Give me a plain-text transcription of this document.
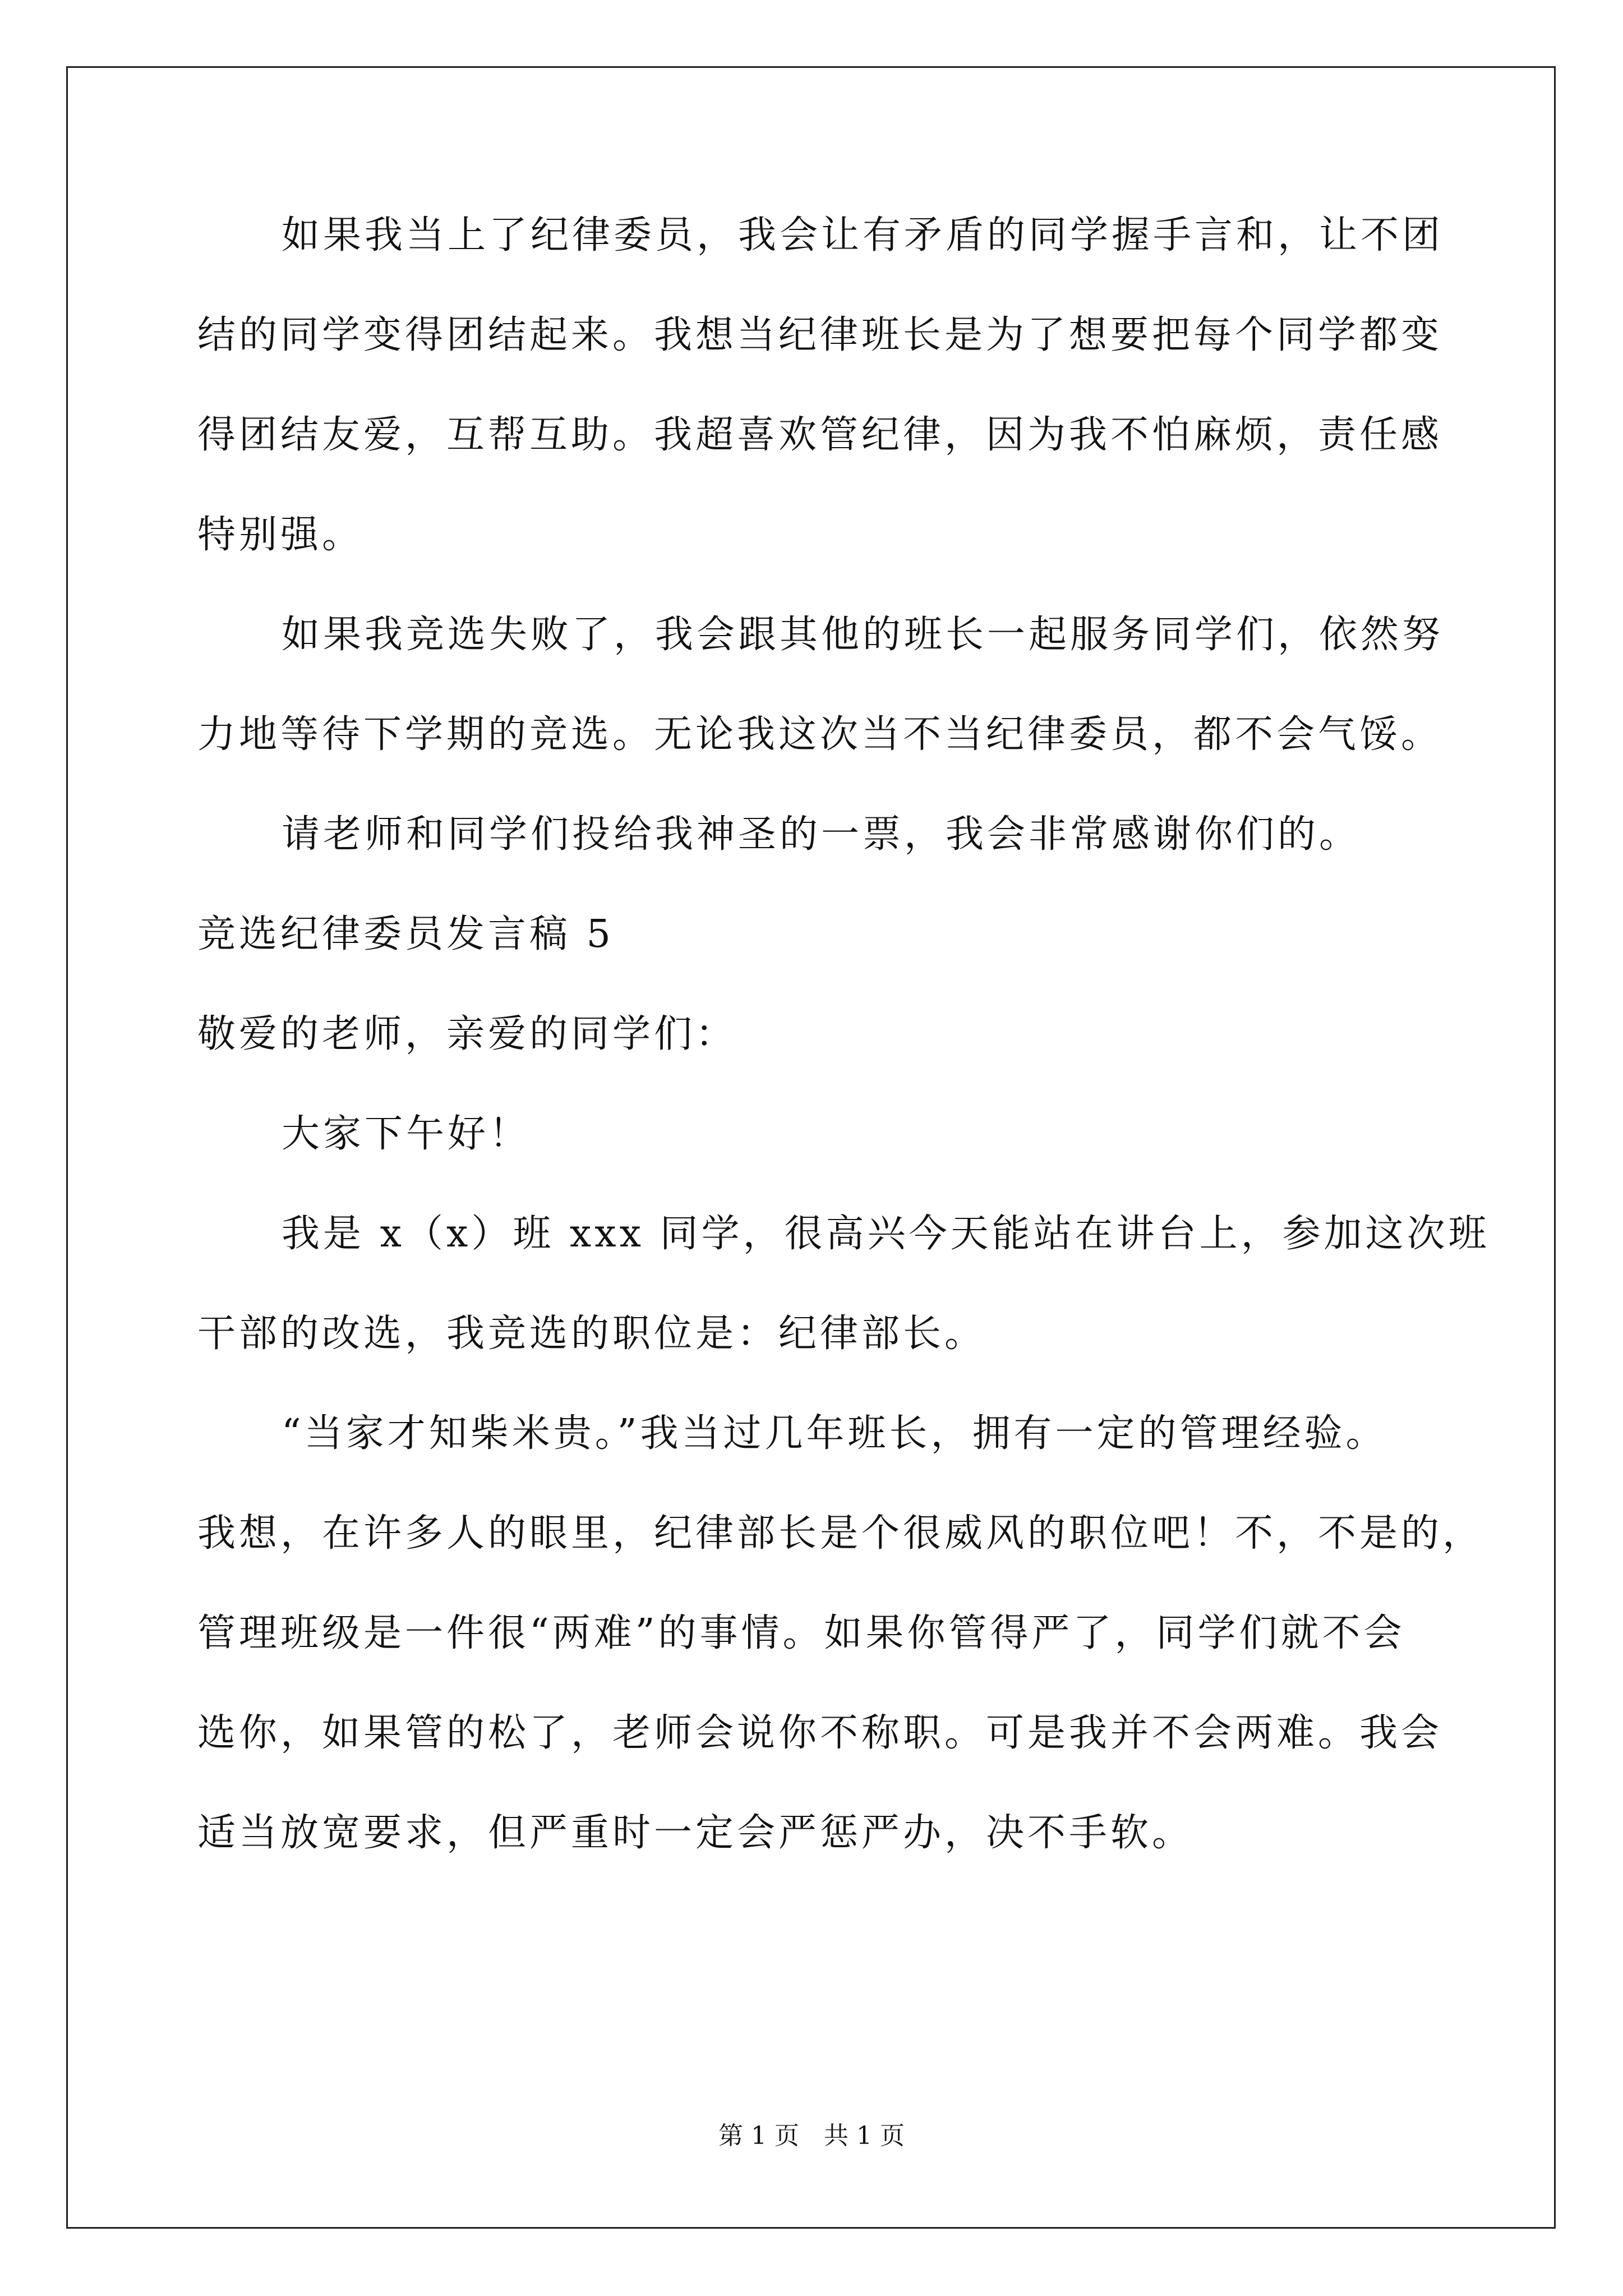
如果我当上了纪律委员，我会让有矛盾的同学握手言和，让不团
结的同学变得团结起来。我想当纪律班长是为了想要把每个同学都变
得团结友爱，互帮互助。我超喜欢管纪律，因为我不怕麻烦，责任感
特别强。
如果我竞选失败了，我会跟其他的班长一起服务同学们，依然努
力地等待下学期的竞选。无论我这次当不当纪律委员，都不会气馁。
请老师和同学们投给我神圣的一票，我会非常感谢你们的。
竞选纪律委员发言稿 5
敬爱的老师，亲爱的同学们：
大家下午好！
我是 x（x）班 xxx 同学，很高兴今天能站在讲台上，参加这次班
干部的改选，我竞选的职位是：纪律部长。
“当家才知柴米贵。”我当过几年班长，拥有一定的管理经验。
我想，在许多人的眼里，纪律部长是个很威风的职位吧！不，不是的，
管理班级是一件很“两难”的事情。如果你管得严了，同学们就不会
选你，如果管的松了，老师会说你不称职。可是我并不会两难。我会
适当放宽要求，但严重时一定会严惩严办，决不手软。
第 1 页　共 1 页
